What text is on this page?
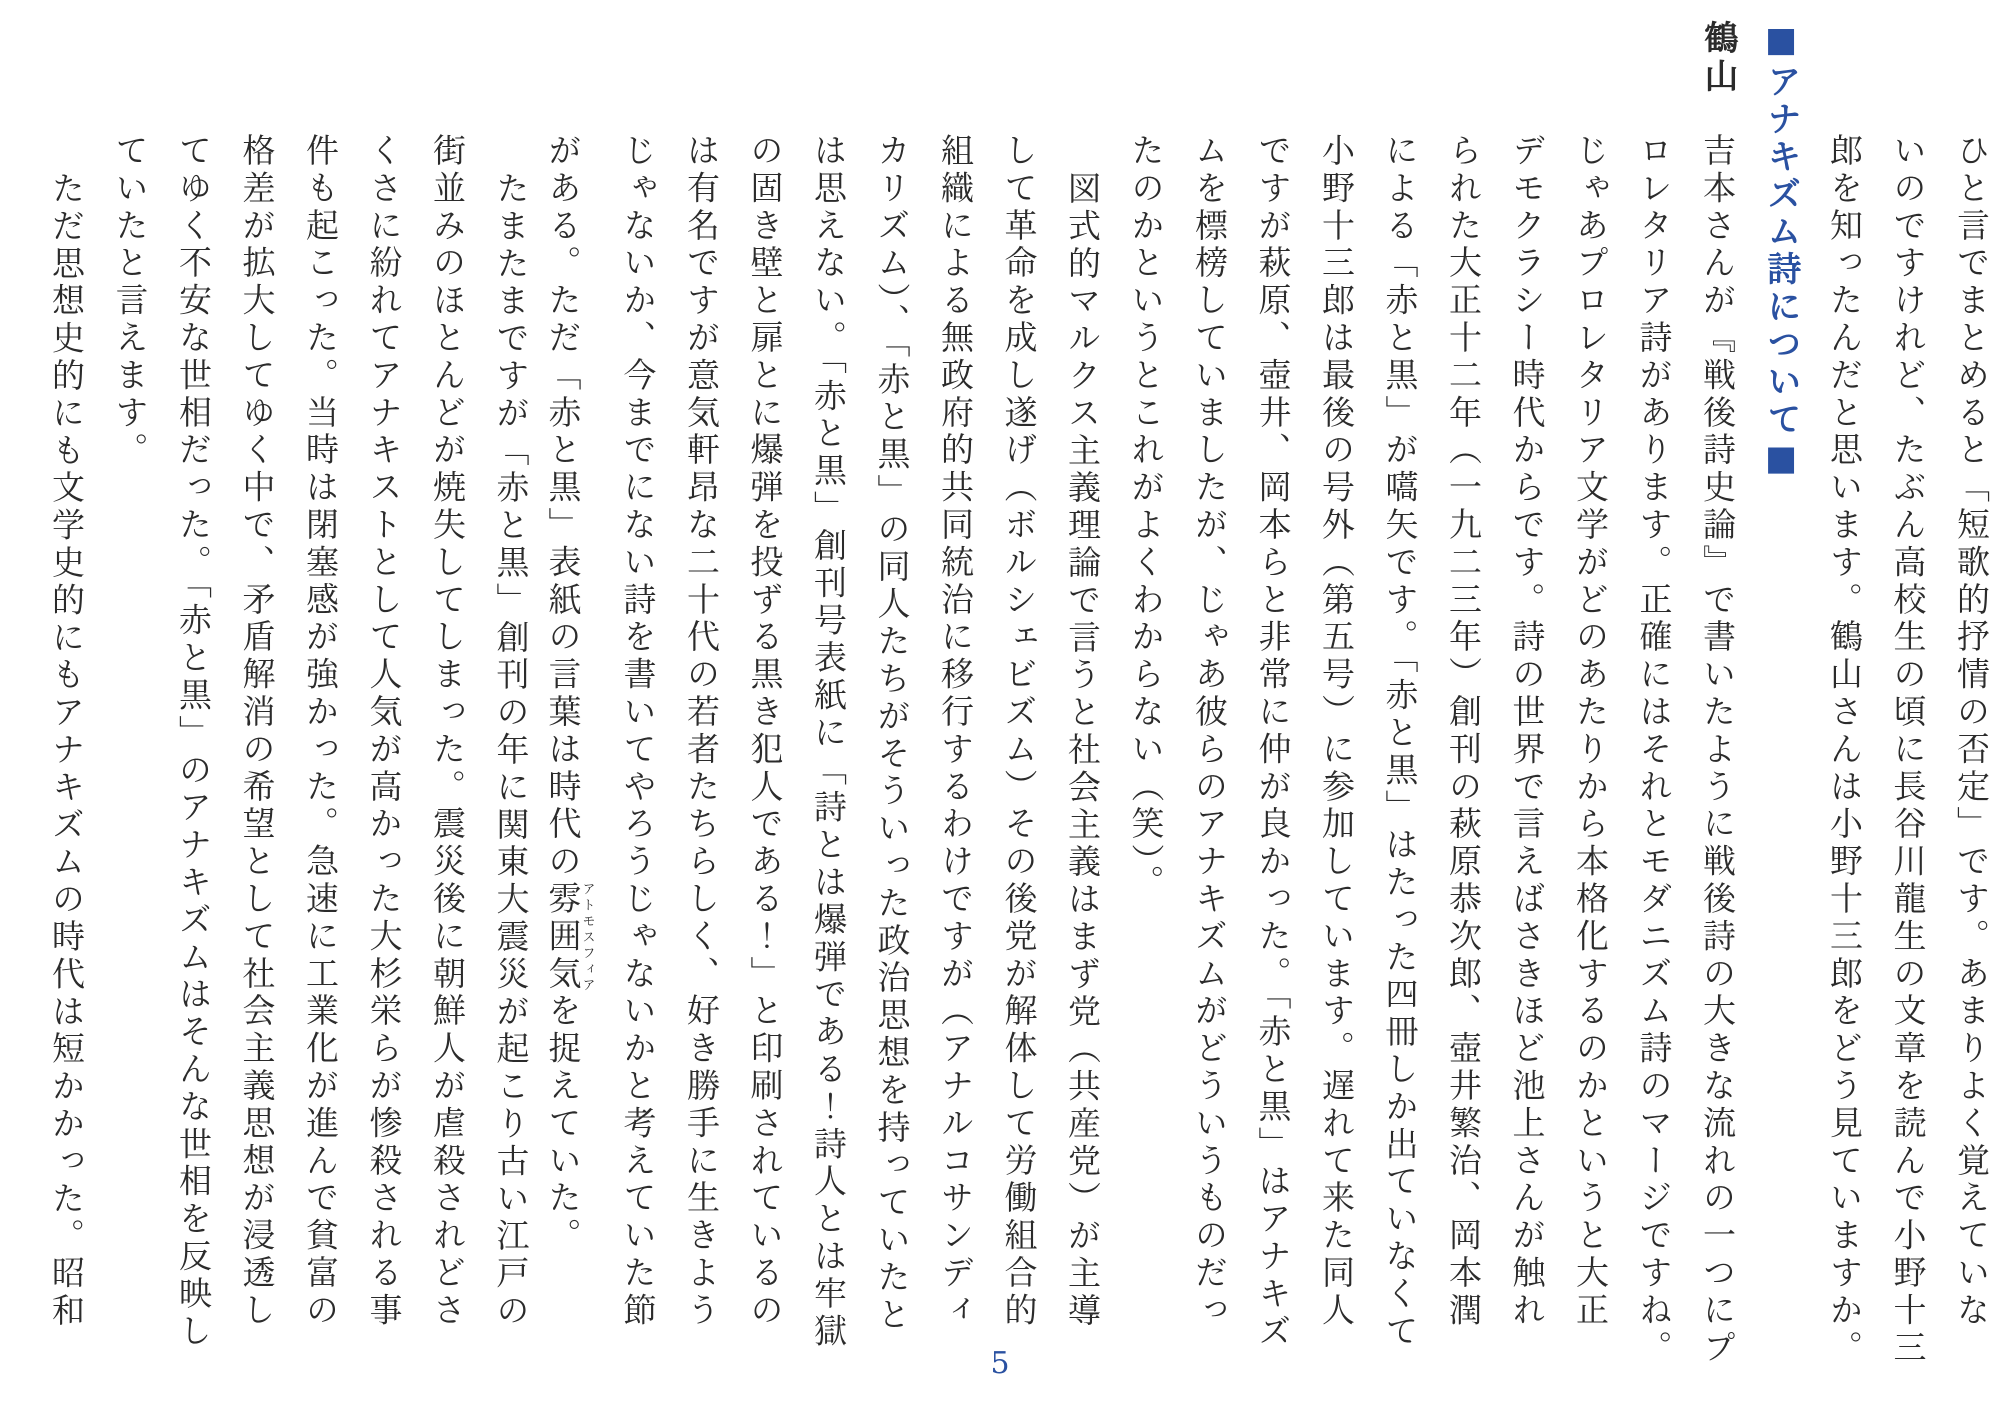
■アナキズム詩について■
鶴山
ひと言でまとめると「短歌的抒情の否定」です。あまりよく覚えていな
いのですけれど、たぶん高校生の頃に長谷川龍生の文章を読んで小野十三
郎を知ったんだと思います。鶴山さんは小野十三郎をどう見ていますか。
吉本さんが『戦後詩史論』で書いたように戦後詩の大きな流れの一つにプ
ロレタリア詩があります。正確にはそれとモダニズム詩のマージですね。
じゃあプロレタリア文学がどのあたりから本格化するのかというと大正
デモクラシー時代からです。詩の世界で言えばさきほど池上さんが触れ
られた大正十二年（一九二三年）創刊の萩原恭次郎、壺井繁治、岡本潤
による「赤と黒」が嚆矢です。「赤と黒」はたった四冊しか出ていなくて
小野十三郎は最後の号外（第五号）に参加しています。遅れて来た同人
ですが萩原、壺井、岡本らと非常に仲が良かった。「赤と黒」はアナキズ
ムを標榜していましたが、じゃあ彼らのアナキズムがどういうものだっ
たのかというとこれがよくわからない（笑）。
図式的マルクス主義理論で言うと社会主義はまず党（共産党）が主導
して革命を成し遂げ（ボルシェビズム）その後党が解体して労働組合的
組織による無政府的共同統治に移行するわけですが（アナルコサンディ
カリズム）、「赤と黒」の同人たちがそういった政治思想を持っていたと
は思えない。「赤と黒」創刊号表紙に「詩とは爆弾である！詩人とは牢獄
の固き壁と扉とに爆弾を投ずる黒き犯人である！」と印刷されているの
は有名ですが意気軒昂な二十代の若者たちらしく、好き勝手に生きよう
じゃないか、今までにない詩を書いてやろうじゃないかと考えていた節
がある。ただ「赤と黒」表紙の言葉は時代の雰囲気アトモスフィアを捉えていた。
たまたまですが「赤と黒」創刊の年に関東大震災が起こり古い江戸の
街並みのほとんどが焼失してしまった。震災後に朝鮮人が虐殺されどさ
くさに紛れてアナキストとして人気が高かった大杉栄らが惨殺される事
件も起こった。当時は閉塞感が強かった。急速に工業化が進んで貧富の
格差が拡大してゆく中で、矛盾解消の希望として社会主義思想が浸透し
てゆく不安な世相だった。「赤と黒」のアナキズムはそんな世相を反映し
ていたと言えます。
ただ思想史的にも文学史的にもアナキズムの時代は短かかった。昭和
5
